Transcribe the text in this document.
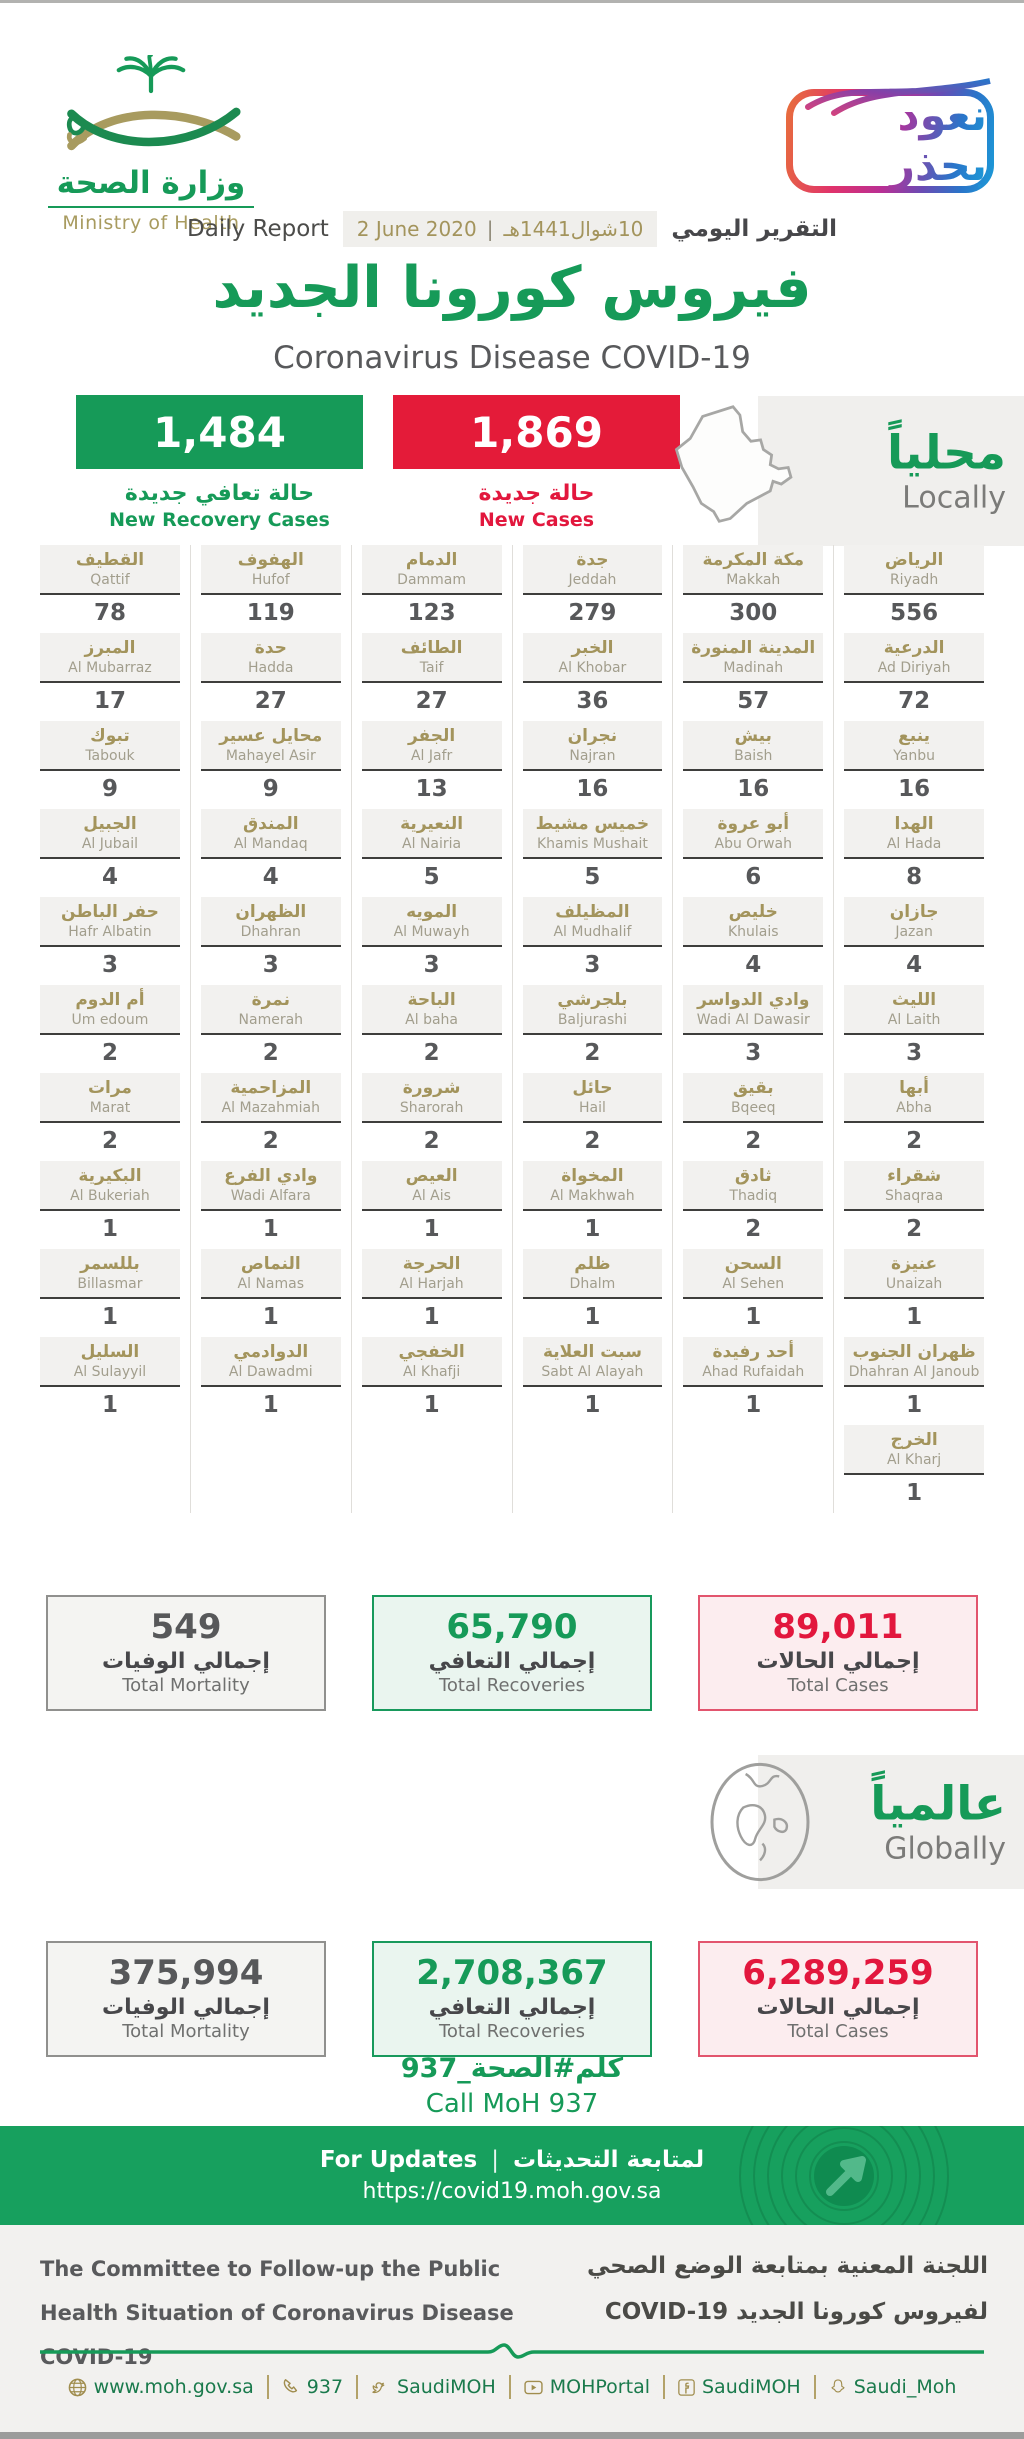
وزارة الصحة
Ministry of Health
نعود بحذر
Daily Report 2 June 2020 | 10شوال1441هـ التقرير اليومي
فيروس كورونا الجديد
Coronavirus Disease COVID-19
1,484
حالة تعافي جديدة
New Recovery Cases
1,869
حالة جديدة
New Cases
محلياً
Locally
الرياض
Riyadh
556
الدرعية
Ad Diriyah
72
ينبع
Yanbu
16
الهدا
Al Hada
8
جازان
Jazan
4
الليث
Al Laith
3
أبها
Abha
2
شقراء
Shaqraa
2
عنيزة
Unaizah
1
ظهران الجنوب
Dhahran Al Janoub
1
الخرج
Al Kharj
1
مكة المكرمة
Makkah
300
المدينة المنورة
Madinah
57
بيش
Baish
16
أبو عروة
Abu Orwah
6
خليص
Khulais
4
وادي الدواسر
Wadi Al Dawasir
3
بقيق
Bqeeq
2
ثادق
Thadiq
2
السحن
Al Sehen
1
أحد رفيدة
Ahad Rufaidah
1
جدة
Jeddah
279
الخبر
Al Khobar
36
نجران
Najran
16
خميس مشيط
Khamis Mushait
5
المظيلف
Al Mudhalif
3
بلجرشي
Baljurashi
2
حائل
Hail
2
المخواة
Al Makhwah
1
ظلم
Dhalm
1
سبت العلاية
Sabt Al Alayah
1
الدمام
Dammam
123
الطائف
Taif
27
الجفر
Al Jafr
13
النعيرية
Al Nairia
5
المويه
Al Muwayh
3
الباحة
Al baha
2
شرورة
Sharorah
2
العيص
Al Ais
1
الحرجة
Al Harjah
1
الخفجي
Al Khafji
1
الهفوف
Hufof
119
حدة
Hadda
27
محايل عسير
Mahayel Asir
9
المندق
Al Mandaq
4
الظهران
Dhahran
3
نمرة
Namerah
2
المزاحمية
Al Mazahmiah
2
وادي الفرع
Wadi Alfara
1
النماص
Al Namas
1
الدوادمي
Al Dawadmi
1
القطيف
Qattif
78
المبرز
Al Mubarraz
17
تبوك
Tabouk
9
الجبيل
Al Jubail
4
حفر الباطن
Hafr Albatin
3
أم الدوم
Um edoum
2
مرات
Marat
2
البكيرية
Al Bukeriah
1
بللسمر
Billasmar
1
السليل
Al Sulayyil
1
549
إجمالي الوفيات
Total Mortality
65,790
إجمالي التعافي
Total Recoveries
89,011
إجمالي الحالات
Total Cases
عالمياً
Globally
375,994
إجمالي الوفيات
Total Mortality
2,708,367
إجمالي التعافي
Total Recoveries
6,289,259
إجمالي الحالات
Total Cases
كلم#الصحة_937
Call MoH 937
For Updates | لمتابعة التحديثات
https://covid19.moh.gov.sa
The Committee to Follow-up the Public Health Situation of Coronavirus Disease COVID-19
اللجنة المعنية بمتابعة الوضع الصحي
لفيروس كورونا الجديد COVID-19
www.moh.gov.sa	937	SaudiMOH	MOHPortal	SaudiMOH	Saudi_Moh
